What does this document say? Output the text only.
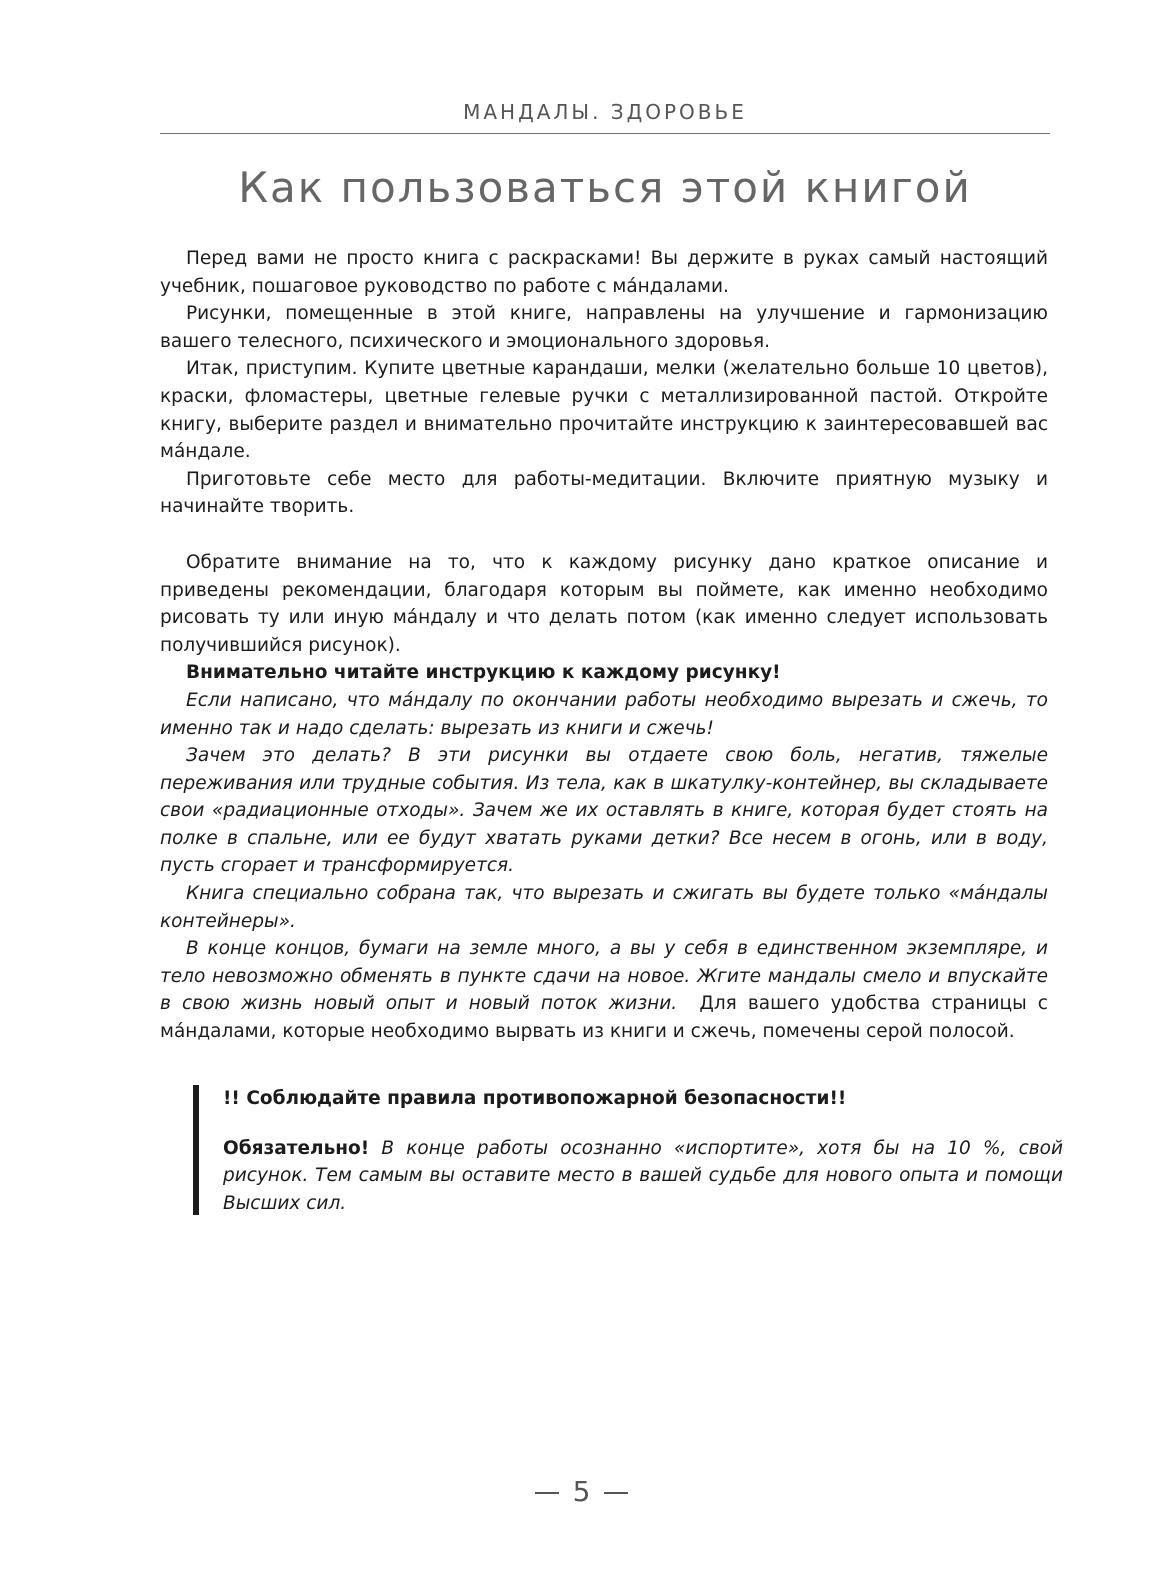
МАНДАЛЫ. ЗДОРОВЬЕ
Как пользоваться этой книгой

Перед вами не просто книга с раскрасками! Вы держите в руках самый настоящий учебник, пошаговое руководство по работе с ма́ндалами.

Рисунки, помещенные в этой книге, направлены на улучшение и гармонизацию вашего телесного, психического и эмоционального здоровья.

Итак, приступим. Купите цветные карандаши, мелки (желательно больше 10 цветов), краски, фломастеры, цветные гелевые ручки с металлизированной пастой. Откройте книгу, выберите раздел и внимательно прочитайте инструкцию к заинтересовавшей вас ма́ндале.

Приготовьте себе место для работы-медитации. Включите приятную музыку и начинайте творить.

Обратите внимание на то, что к каждому рисунку дано краткое описание и приведены рекомендации, благодаря которым вы поймете, как именно необходимо рисовать ту или иную ма́ндалу и что делать потом (как именно следует использовать получившийся рисунок).

Внимательно читайте инструкцию к каждому рисунку!

Если написано, что ма́ндалу по окончании работы необходимо вырезать и сжечь, то именно так и надо сделать: вырезать из книги и сжечь!

Зачем это делать? В эти рисунки вы отдаете свою боль, негатив, тяжелые переживания или трудные события. Из тела, как в шкатулку-контейнер, вы складываете свои «радиационные отходы». Зачем же их оставлять в книге, которая будет стоять на полке в спальне, или ее будут хватать руками детки? Все несем в огонь, или в воду, пусть сгорает и трансформируется.

Книга специально собрана так, что вырезать и сжигать вы будете только «ма́ндалы контейнеры».

В конце концов, бумаги на земле много, а вы у себя в единственном экземпляре, и тело невозможно обменять в пункте сдачи на новое. Жгите мандалы смело и впускайте в свою жизнь новый опыт и новый поток жизни. Для вашего удобства страницы с ма́ндалами, которые необходимо вырвать из книги и сжечь, помечены серой полосой.

!! Соблюдайте правила противопожарной безопасности!!

Обязательно! В конце работы осознанно «испортите», хотя бы на 10 %, свой рисунок. Тем самым вы оставите место в вашей судьбе для нового опыта и помощи Высших сил.

5
